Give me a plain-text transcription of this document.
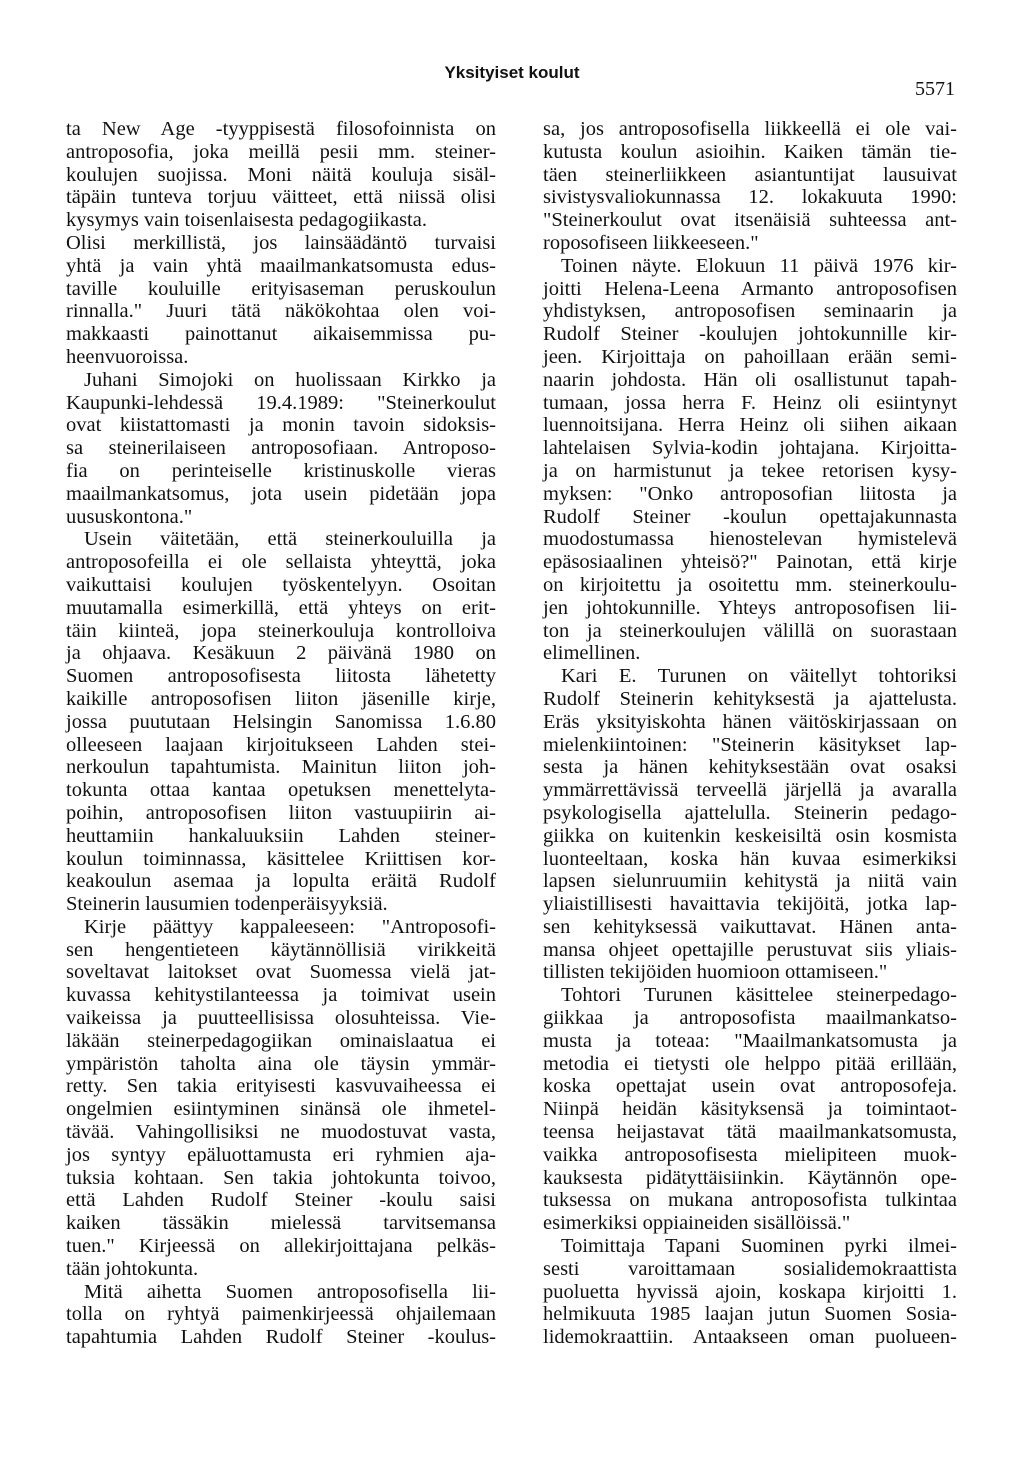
Yksityiset koulut
5571
ta New Age -tyyppisestä filosofoinnista on
antroposofia, joka meillä pesii mm. steiner-
koulujen suojissa. Moni näitä kouluja sisäl-
täpäin tunteva torjuu väitteet, että niissä olisi
kysymys vain toisenlaisesta pedagogiikasta.
Olisi merkillistä, jos lainsäädäntö turvaisi
yhtä ja vain yhtä maailmankatsomusta edus-
taville kouluille erityisaseman peruskoulun
rinnalla." Juuri tätä näkökohtaa olen voi-
makkaasti painottanut aikaisemmissa pu-
heenvuoroissa.
Juhani Simojoki on huolissaan Kirkko ja
Kaupunki-lehdessä 19.4.1989: "Steinerkoulut
ovat kiistattomasti ja monin tavoin sidoksis-
sa steinerilaiseen antroposofiaan. Antroposo-
fia on perinteiselle kristinuskolle vieras
maailmankatsomus, jota usein pidetään jopa
uususkontona."
Usein väitetään, että steinerkouluilla ja
antroposofeilla ei ole sellaista yhteyttä, joka
vaikuttaisi koulujen työskentelyyn. Osoitan
muutamalla esimerkillä, että yhteys on erit-
täin kiinteä, jopa steinerkouluja kontrolloiva
ja ohjaava. Kesäkuun 2 päivänä 1980 on
Suomen antroposofisesta liitosta lähetetty
kaikille antroposofisen liiton jäsenille kirje,
jossa puututaan Helsingin Sanomissa 1.6.80
olleeseen laajaan kirjoitukseen Lahden stei-
nerkoulun tapahtumista. Mainitun liiton joh-
tokunta ottaa kantaa opetuksen menettelyta-
poihin, antroposofisen liiton vastuupiirin ai-
heuttamiin hankaluuksiin Lahden steiner-
koulun toiminnassa, käsittelee Kriittisen kor-
keakoulun asemaa ja lopulta eräitä Rudolf
Steinerin lausumien todenperäisyyksiä.
Kirje päättyy kappaleeseen: "Antroposofi-
sen hengentieteen käytännöllisiä virikkeitä
soveltavat laitokset ovat Suomessa vielä jat-
kuvassa kehitystilanteessa ja toimivat usein
vaikeissa ja puutteellisissa olosuhteissa. Vie-
läkään steinerpedagogiikan ominaislaatua ei
ympäristön taholta aina ole täysin ymmär-
retty. Sen takia erityisesti kasvuvaiheessa ei
ongelmien esiintyminen sinänsä ole ihmetel-
tävää. Vahingollisiksi ne muodostuvat vasta,
jos syntyy epäluottamusta eri ryhmien aja-
tuksia kohtaan. Sen takia johtokunta toivoo,
että Lahden Rudolf Steiner -koulu saisi
kaiken tässäkin mielessä tarvitsemansa
tuen." Kirjeessä on allekirjoittajana pelkäs-
tään johtokunta.
Mitä aihetta Suomen antroposofisella lii-
tolla on ryhtyä paimenkirjeessä ohjailemaan
tapahtumia Lahden Rudolf Steiner -koulus-
sa, jos antroposofisella liikkeellä ei ole vai-
kutusta koulun asioihin. Kaiken tämän tie-
täen steinerliikkeen asiantuntijat lausuivat
sivistysvaliokunnassa 12. lokakuuta 1990:
"Steinerkoulut ovat itsenäisiä suhteessa ant-
roposofiseen liikkeeseen."
Toinen näyte. Elokuun 11 päivä 1976 kir-
joitti Helena-Leena Armanto antroposofisen
yhdistyksen, antroposofisen seminaarin ja
Rudolf Steiner -koulujen johtokunnille kir-
jeen. Kirjoittaja on pahoillaan erään semi-
naarin johdosta. Hän oli osallistunut tapah-
tumaan, jossa herra F. Heinz oli esiintynyt
luennoitsijana. Herra Heinz oli siihen aikaan
lahtelaisen Sylvia-kodin johtajana. Kirjoitta-
ja on harmistunut ja tekee retorisen kysy-
myksen: "Onko antroposofian liitosta ja
Rudolf Steiner -koulun opettajakunnasta
muodostumassa hienostelevan hymistelevä
epäsosiaalinen yhteisö?" Painotan, että kirje
on kirjoitettu ja osoitettu mm. steinerkoulu-
jen johtokunnille. Yhteys antroposofisen lii-
ton ja steinerkoulujen välillä on suorastaan
elimellinen.
Kari E. Turunen on väitellyt tohtoriksi
Rudolf Steinerin kehityksestä ja ajattelusta.
Eräs yksityiskohta hänen väitöskirjassaan on
mielenkiintoinen: "Steinerin käsitykset lap-
sesta ja hänen kehityksestään ovat osaksi
ymmärrettävissä terveellä järjellä ja avaralla
psykologisella ajattelulla. Steinerin pedago-
giikka on kuitenkin keskeisiltä osin kosmista
luonteeltaan, koska hän kuvaa esimerkiksi
lapsen sielunruumiin kehitystä ja niitä vain
yliaistillisesti havaittavia tekijöitä, jotka lap-
sen kehityksessä vaikuttavat. Hänen anta-
mansa ohjeet opettajille perustuvat siis yliais-
tillisten tekijöiden huomioon ottamiseen."
Tohtori Turunen käsittelee steinerpedago-
giikkaa ja antroposofista maailmankatso-
musta ja toteaa: "Maailmankatsomusta ja
metodia ei tietysti ole helppo pitää erillään,
koska opettajat usein ovat antroposofeja.
Niinpä heidän käsityksensä ja toimintaot-
teensa heijastavat tätä maailmankatsomusta,
vaikka antroposofisesta mielipiteen muok-
kauksesta pidätyttäisiinkin. Käytännön ope-
tuksessa on mukana antroposofista tulkintaa
esimerkiksi oppiaineiden sisällöissä."
Toimittaja Tapani Suominen pyrki ilmei-
sesti varoittamaan sosialidemokraattista
puoluetta hyvissä ajoin, koskapa kirjoitti 1.
helmikuuta 1985 laajan jutun Suomen Sosia-
lidemokraattiin. Antaakseen oman puolueen-
